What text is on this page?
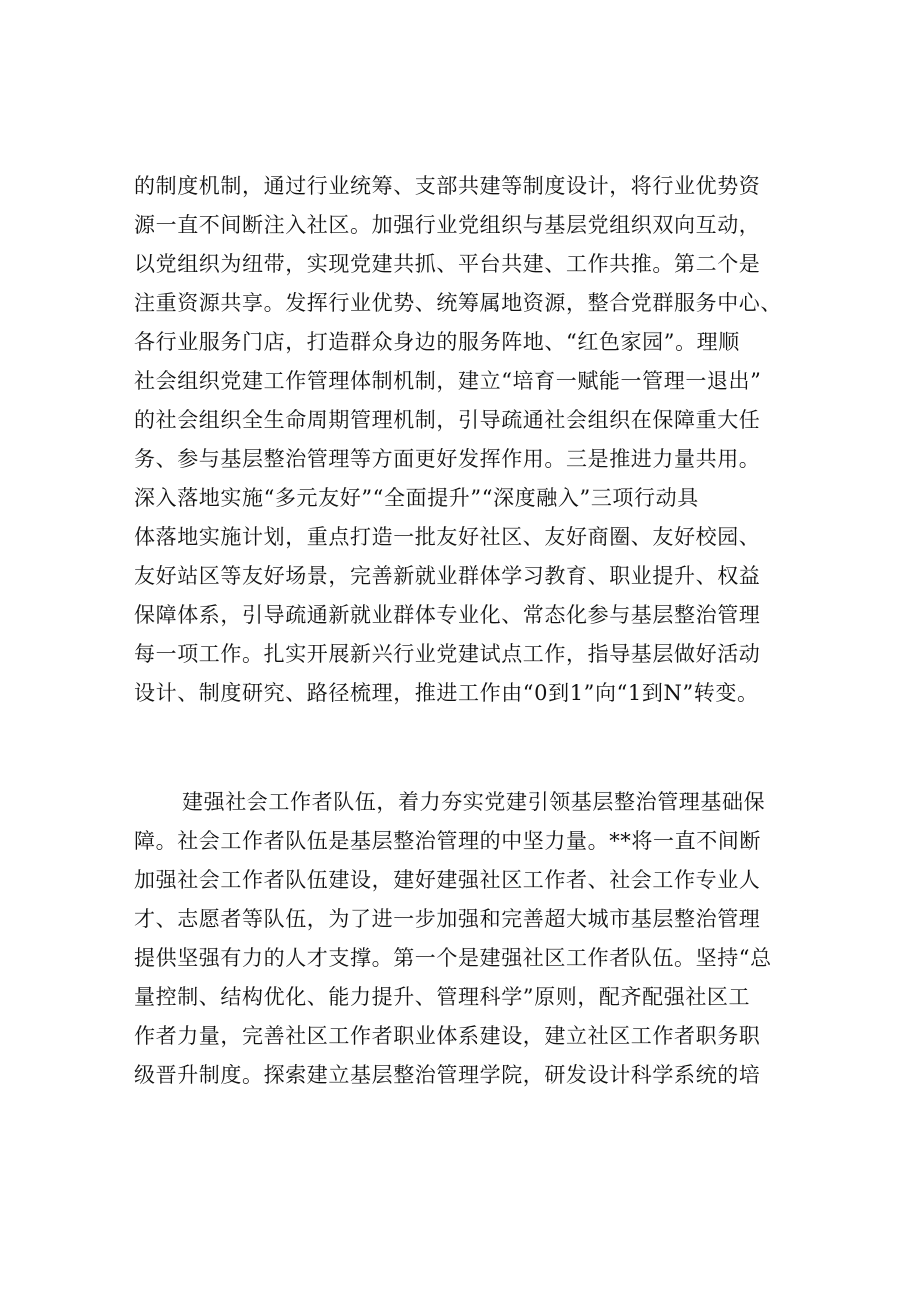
的制度机制，通过行业统筹、支部共建等制度设计，将行业优势资
源一直不间断注入社区。加强行业党组织与基层党组织双向互动，
以党组织为纽带，实现党建共抓、平台共建、工作共推。第二个是
注重资源共享。发挥行业优势、统筹属地资源，整合党群服务中心、
各行业服务门店，打造群众身边的服务阵地、“红色家园”。理顺
社会组织党建工作管理体制机制，建立“培育一赋能一管理一退出”
的社会组织全生命周期管理机制，引导疏通社会组织在保障重大任
务、参与基层整治管理等方面更好发挥作用。三是推进力量共用。
深入落地实施“多元友好”“全面提升”“深度融入”三项行动具
体落地实施计划，重点打造一批友好社区、友好商圈、友好校园、
友好站区等友好场景，完善新就业群体学习教育、职业提升、权益
保障体系，引导疏通新就业群体专业化、常态化参与基层整治管理
每一项工作。扎实开展新兴行业党建试点工作，指导基层做好活动
设计、制度研究、路径梳理，推进工作由“0到1”向“1到N”转变。
建强社会工作者队伍，着力夯实党建引领基层整治管理基础保
障。社会工作者队伍是基层整治管理的中坚力量。**将一直不间断
加强社会工作者队伍建设，建好建强社区工作者、社会工作专业人
才、志愿者等队伍，为了进一步加强和完善超大城市基层整治管理
提供坚强有力的人才支撑。第一个是建强社区工作者队伍。坚持“总
量控制、结构优化、能力提升、管理科学”原则，配齐配强社区工
作者力量，完善社区工作者职业体系建设，建立社区工作者职务职
级晋升制度。探索建立基层整治管理学院，研发设计科学系统的培
